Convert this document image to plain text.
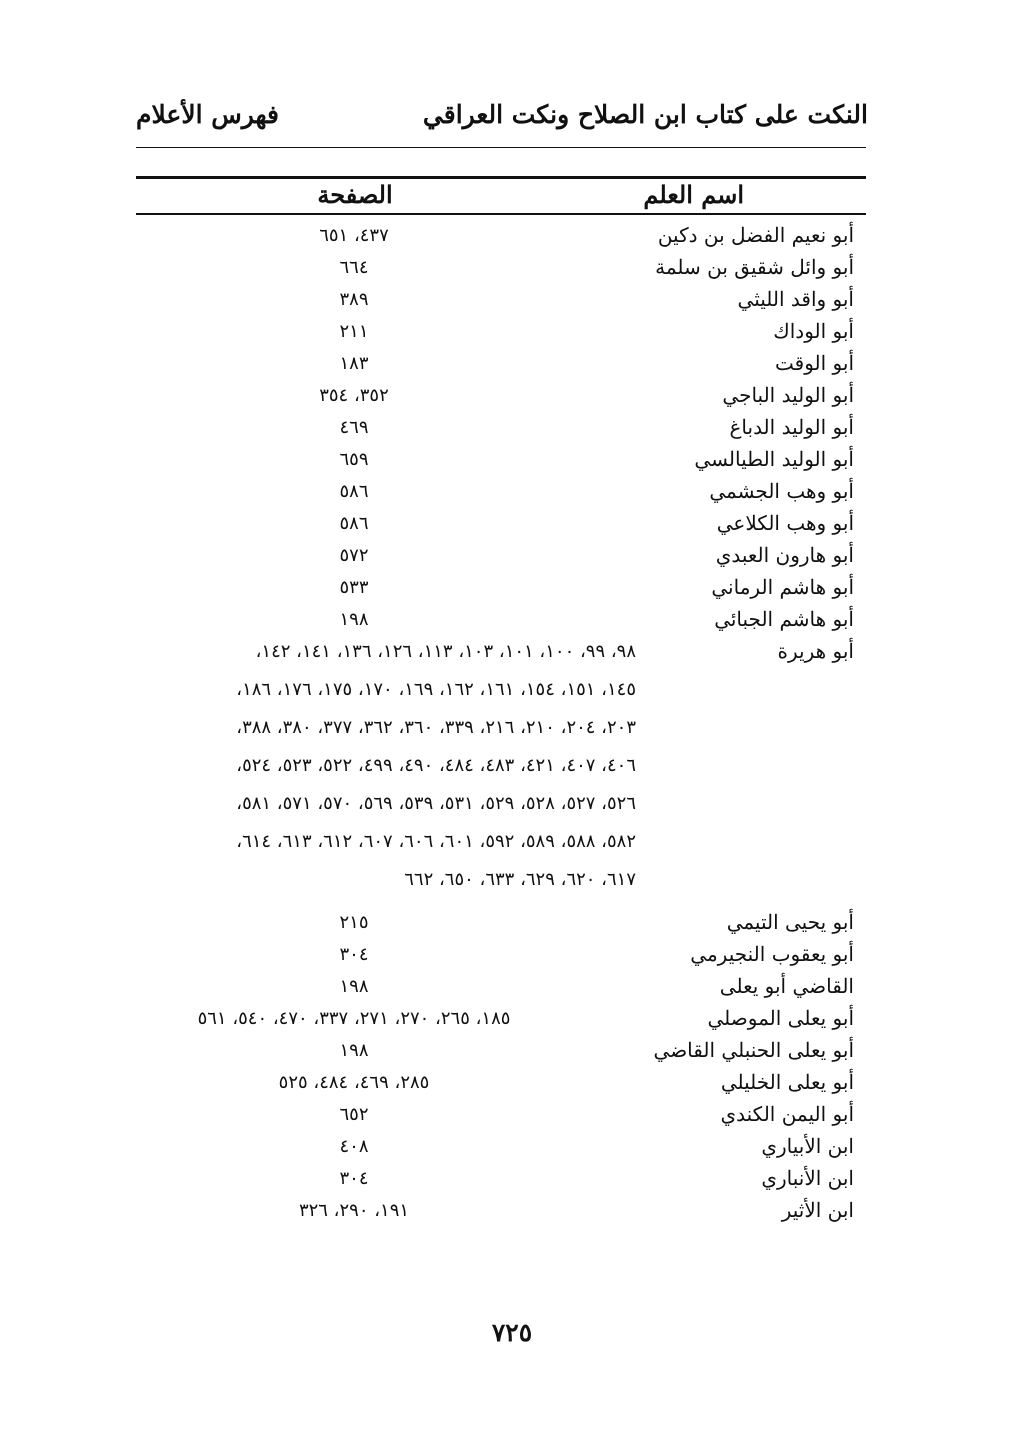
النكت على كتاب ابن الصلاح ونكت العراقي
فهرس الأعلام
اسم العلم
الصفحة
أبو نعيم الفضل بن دكين
٤٣٧، ٦٥١
أبو وائل شقيق بن سلمة
٦٦٤
أبو واقد الليثي
٣٨٩
أبو الوداك
٢١١
أبو الوقت
١٨٣
أبو الوليد الباجي
٣٥٢، ٣٥٤
أبو الوليد الدباغ
٤٦٩
أبو الوليد الطيالسي
٦٥٩
أبو وهب الجشمي
٥٨٦
أبو وهب الكلاعي
٥٨٦
أبو هارون العبدي
٥٧٢
أبو هاشم الرماني
٥٣٣
أبو هاشم الجبائي
١٩٨
أبو هريرة
٩٨، ٩٩، ١٠٠، ١٠١، ١٠٣، ١١٣، ١٢٦، ١٣٦، ١٤١، ١٤٢،
١٤٥، ١٥١، ١٥٤، ١٦١، ١٦٢، ١٦٩، ١٧٠، ١٧٥، ١٧٦، ١٨٦،
٢٠٣، ٢٠٤، ٢١٠، ٢١٦، ٣٣٩، ٣٦٠، ٣٦٢، ٣٧٧، ٣٨٠، ٣٨٨،
٤٠٦، ٤٠٧، ٤٢١، ٤٨٣، ٤٨٤، ٤٩٠، ٤٩٩، ٥٢٢، ٥٢٣، ٥٢٤،
٥٢٦، ٥٢٧، ٥٢٨، ٥٢٩، ٥٣١، ٥٣٩، ٥٦٩، ٥٧٠، ٥٧١، ٥٨١،
٥٨٢، ٥٨٨، ٥٨٩، ٥٩٢، ٦٠١، ٦٠٦، ٦٠٧، ٦١٢، ٦١٣، ٦١٤،
٦١٧، ٦٢٠، ٦٢٩، ٦٣٣، ٦٥٠، ٦٦٢
أبو يحيى التيمي
٢١٥
أبو يعقوب النجيرمي
٣٠٤
القاضي أبو يعلى
١٩٨
أبو يعلى الموصلي
١٨٥، ٢٦٥، ٢٧٠، ٢٧١، ٣٣٧، ٤٧٠، ٥٤٠، ٥٦١
أبو يعلى الحنبلي القاضي
١٩٨
أبو يعلى الخليلي
٢٨٥، ٤٦٩، ٤٨٤، ٥٢٥
أبو اليمن الكندي
٦٥٢
ابن الأبياري
٤٠٨
ابن الأنباري
٣٠٤
ابن الأثير
١٩١، ٢٩٠، ٣٢٦
٧٢٥
